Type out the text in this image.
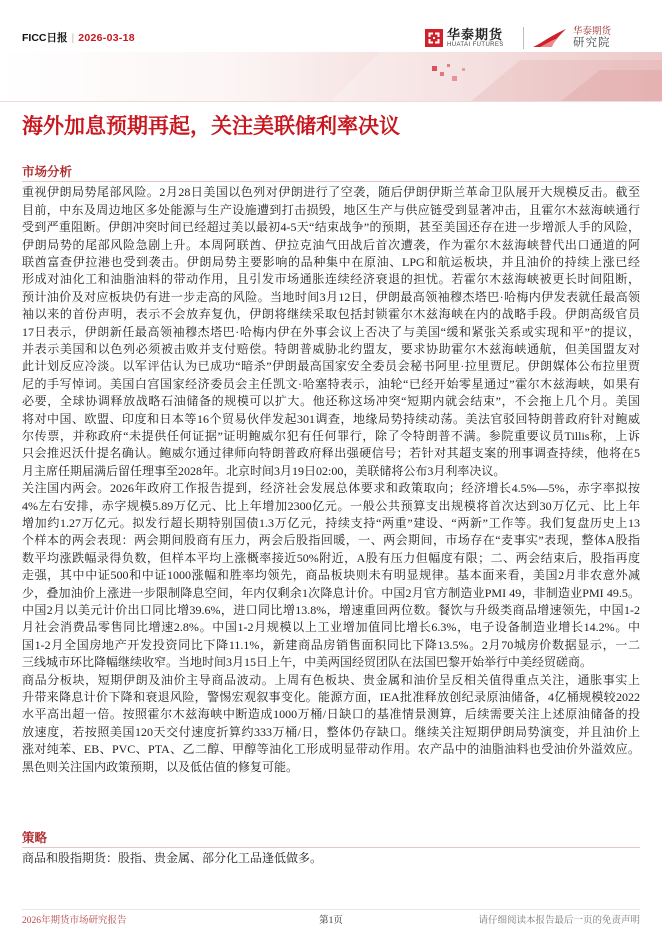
FICC日报 | 2026-03-18	华泰期货
HUATAI FUTURES
华泰期货
研究院
海外加息预期再起，关注美联储利率决议
市场分析
重视伊朗局势尾部风险。2月28日美国以色列对伊朗进行了空袭，随后伊朗伊斯兰革命卫队展开大规模反击。截至
目前，中东及周边地区多处能源与生产设施遭到打击损毁，地区生产与供应链受到显著冲击，且霍尔木兹海峡通行
受到严重阻断。伊朗冲突时间已经超过美以最初4-5天“结束战争”的预期，甚至美国还存在进一步增派人手的风险，
伊朗局势的尾部风险急剧上升。本周阿联酋、伊拉克油气田战后首次遭袭，作为霍尔木兹海峡替代出口通道的阿
联酋富查伊拉港也受到袭击。伊朗局势主要影响的品种集中在原油、LPG和航运板块，并且油价的持续上涨已经
形成对油化工和油脂油料的带动作用，且引发市场通胀连续经济衰退的担忧。若霍尔木兹海峡被更长时间阻断，
预计油价及对应板块仍有进一步走高的风险。当地时间3月12日，伊朗最高领袖穆杰塔巴·哈梅内伊发表就任最高领
袖以来的首份声明，表示不会放弃复仇，伊朗将继续采取包括封锁霍尔木兹海峡在内的战略手段。伊朗高级官员
17日表示，伊朗新任最高领袖穆杰塔巴·哈梅内伊在外事会议上否决了与美国“缓和紧张关系或实现和平”的提议，
并表示美国和以色列必须被击败并支付赔偿。特朗普威胁北约盟友，要求协助霍尔木兹海峡通航，但美国盟友对
此计划反应冷淡。以军评估认为已成功“暗杀”伊朗最高国家安全委员会秘书阿里·拉里贾尼。伊朗媒体公布拉里贾
尼的手写悼词。美国白宫国家经济委员会主任凯文·哈塞特表示，油轮“已经开始零星通过”霍尔木兹海峡，如果有
必要，全球协调释放战略石油储备的规模可以扩大。他还称这场冲突“短期内就会结束”，不会拖上几个月。美国
将对中国、欧盟、印度和日本等16个贸易伙伴发起301调查，地缘局势持续动荡。美法官驳回特朗普政府针对鲍威
尔传票，并称政府“未提供任何证据”证明鲍威尔犯有任何罪行，除了令特朗普不满。参院重要议员Tillis称，上诉
只会推迟沃什提名确认。鲍威尔通过律师向特朗普政府释出强硬信号；若针对其超支案的刑事调查持续，他将在5
月主席任期届满后留任理事至2028年。北京时间3月19日02:00，美联储将公布3月利率决议。
关注国内两会。2026年政府工作报告提到，经济社会发展总体要求和政策取向；经济增长4.5%—5%，赤字率拟按
4%左右安排，赤字规模5.89万亿元、比上年增加2300亿元。一般公共预算支出规模将首次达到30万亿元、比上年
增加约1.27万亿元。拟发行超长期特别国债1.3万亿元，持续支持“两重”建设、“两新”工作等。我们复盘历史上13
个样本的两会表现：两会期间股商有压力，两会后股指回暖，一、两会期间，市场存在“麦事实”表现，整体A股指
数平均涨跌幅录得负数，但样本平均上涨概率接近50%附近，A股有压力但幅度有限；二、两会结束后，股指再度
走强，其中中证500和中证1000涨幅和胜率均领先，商品板块则未有明显规律。基本面来看，美国2月非农意外减
少，叠加油价上涨进一步限制降息空间，年内仅剩余1次降息计价。中国2月官方制造业PMI 49，非制造业PMI 49.5。
中国2月以美元计价出口同比增39.6%，进口同比增13.8%，增速重回两位数。餐饮与升级类商品增速领先，中国1-2
月社会消费品零售同比增速2.8%。中国1-2月规模以上工业增加值同比增长6.3%，电子设备制造业增长14.2%。中
国1-2月全国房地产开发投资同比下降11.1%，新建商品房销售面积同比下降13.5%。2月70城房价数据显示，一二
三线城市环比降幅继续收窄。当地时间3月15日上午，中美两国经贸团队在法国巴黎开始举行中美经贸磋商。
商品分板块，短期伊朗及油价主导商品波动。上周有色板块、贵金属和油价呈反相关值得重点关注，通胀事实上
升带来降息计价下降和衰退风险，警惕宏观叙事变化。能源方面，IEA批准释放创纪录原油储备，4亿桶规模较2022
水平高出超一倍。按照霍尔木兹海峡中断造成1000万桶/日缺口的基准情景测算，后续需要关注上述原油储备的投
放速度，若按照美国120天交付速度折算约333万桶/日，整体仍存缺口。继续关注短期伊朗局势演变，并且油价上
涨对纯苯、EB、PVC、PTA、乙二醇、甲醇等油化工形成明显带动作用。农产品中的油脂油料也受油价外溢效应。
黑色则关注国内政策预期，以及低估值的修复可能。
策略
商品和股指期货：股指、贵金属、部分化工品逢低做多。
2026年期货市场研究报告	第1页	请仔细阅读本报告最后一页的免责声明
